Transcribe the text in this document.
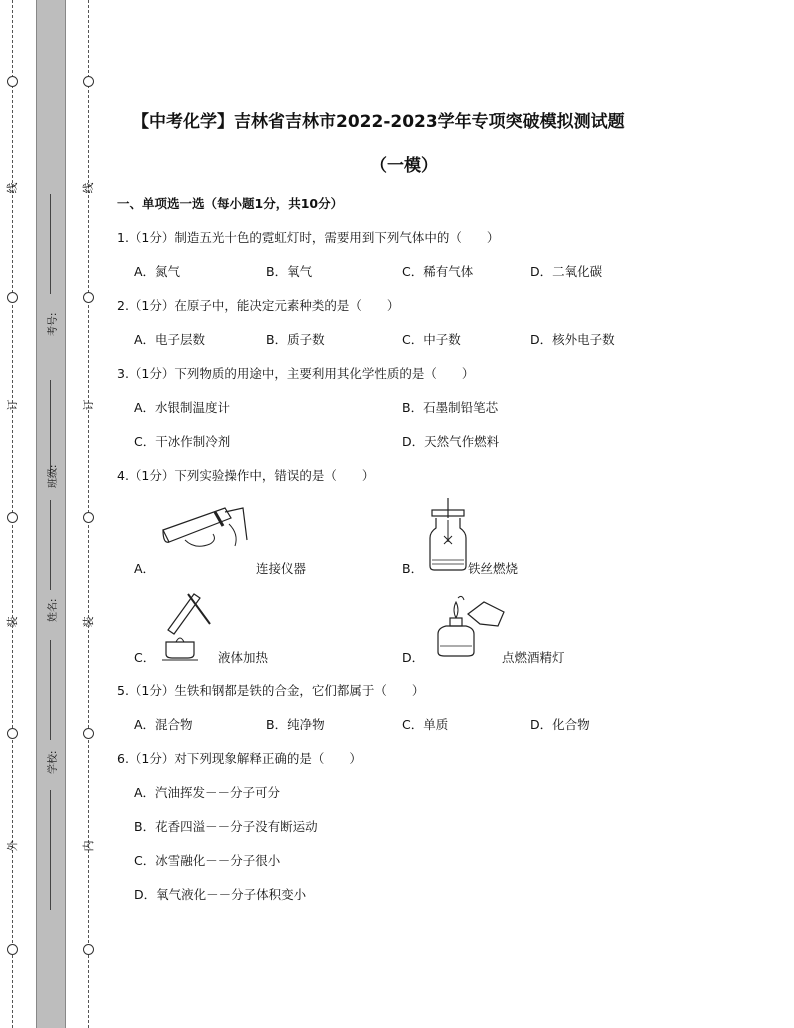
线
订
装
外
线
订
装
内
考号:
班级:
姓名:
学校:
【中考化学】吉林省吉林市2022-2023学年专项突破模拟测试题
（一模）
一、单项选一选（每小题1分，共10分）
1.（1分）制造五光十色的霓虹灯时，需要用到下列气体中的（　　）
A．氮气	B．氧气	C．稀有气体	D．二氧化碳
2.（1分）在原子中，能决定元素种类的是（　　）
A．电子层数	B．质子数	C．中子数	D．核外电子数
3.（1分）下列物质的用途中，主要利用其化学性质的是（　　）
A．水银制温度计	B．石墨制铅笔芯
C．干冰作制冷剂	D．天然气作燃料
4.（1分）下列实验操作中，错误的是（　　）
A．	连接仪器	B．	铁丝燃烧
C．	液体加热	D．	点燃酒精灯
5.（1分）生铁和钢都是铁的合金，它们都属于（　　）
A．混合物	B．纯净物	C．单质	D．化合物
6.（1分）对下列现象解释正确的是（　　）
A．汽油挥发－－分子可分
B．花香四溢－－分子没有断运动
C．冰雪融化－－分子很小
D．氧气液化－－分子体积变小
